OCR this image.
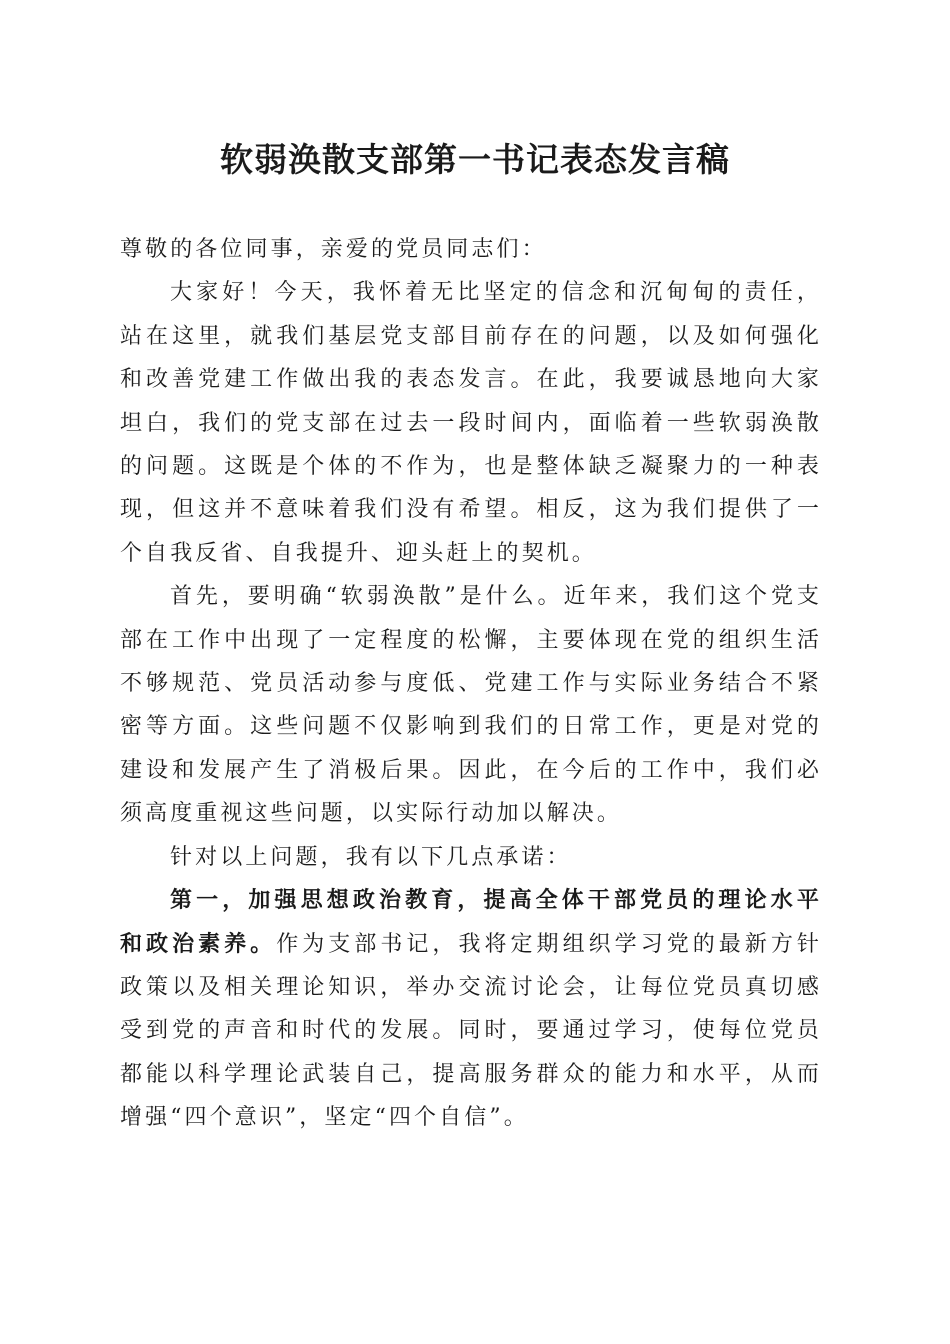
软弱涣散支部第一书记表态发言稿

尊敬的各位同事，亲爱的党员同志们：

大家好！今天，我怀着无比坚定的信念和沉甸甸的责任，站在这里，就我们基层党支部目前存在的问题，以及如何强化和改善党建工作做出我的表态发言。在此，我要诚恳地向大家坦白，我们的党支部在过去一段时间内，面临着一些软弱涣散的问题。这既是个体的不作为，也是整体缺乏凝聚力的一种表现，但这并不意味着我们没有希望。相反，这为我们提供了一个自我反省、自我提升、迎头赶上的契机。

首先，要明确“软弱涣散”是什么。近年来，我们这个党支部在工作中出现了一定程度的松懈，主要体现在党的组织生活不够规范、党员活动参与度低、党建工作与实际业务结合不紧密等方面。这些问题不仅影响到我们的日常工作，更是对党的建设和发展产生了消极后果。因此，在今后的工作中，我们必须高度重视这些问题，以实际行动加以解决。

针对以上问题，我有以下几点承诺：

第一，加强思想政治教育，提高全体干部党员的理论水平和政治素养。作为支部书记，我将定期组织学习党的最新方针政策以及相关理论知识，举办交流讨论会，让每位党员真切感受到党的声音和时代的发展。同时，要通过学习，使每位党员都能以科学理论武装自己，提高服务群众的能力和水平，从而增强“四个意识”，坚定“四个自信”。
